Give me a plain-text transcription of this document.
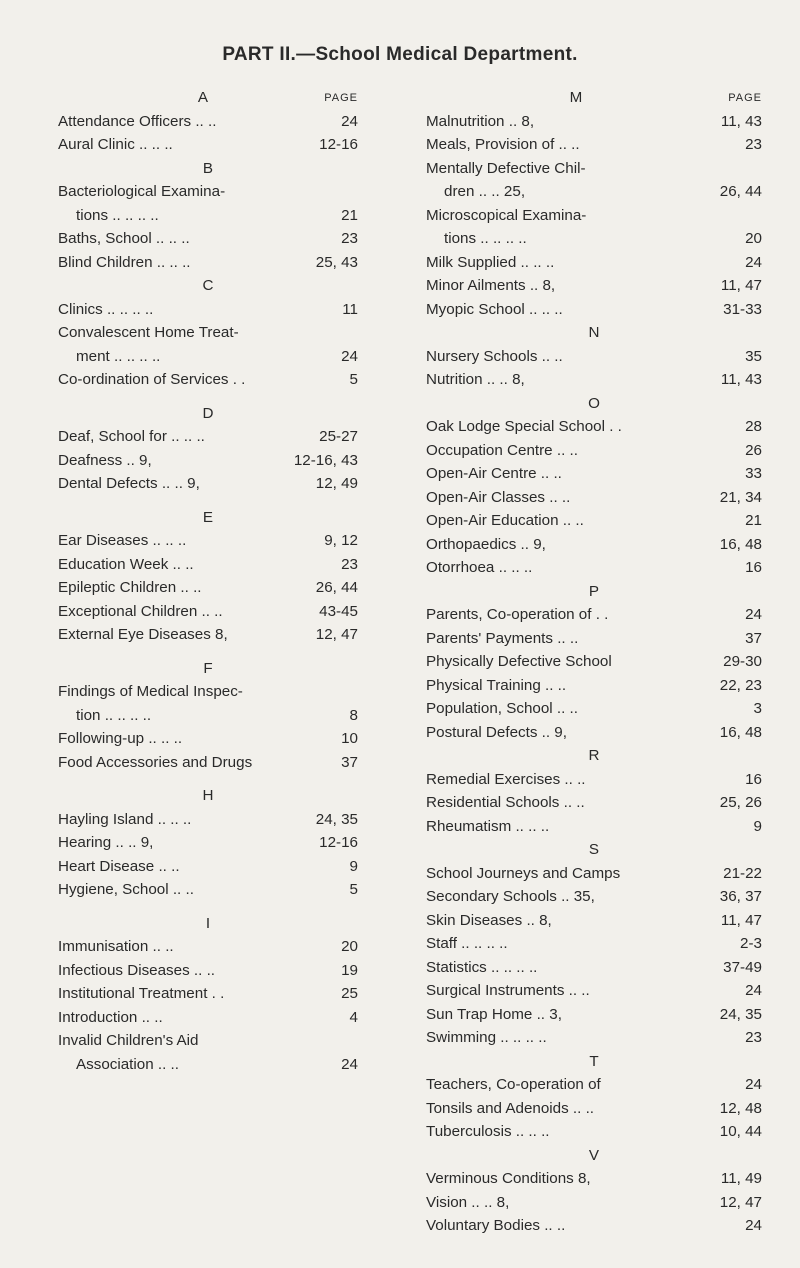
PART II.—School Medical Department.
A	PAGE
Attendance Officers .. ..	24
Aural Clinic .. .. ..	12-16
B
Bacteriological Examina-
tions .. .. .. ..	21
Baths, School .. .. ..	23
Blind Children .. .. ..	25, 43
C
Clinics .. .. .. ..	11
Convalescent Home Treat-
ment .. .. .. ..	24
Co-ordination of Services . .	5
D
Deaf, School for .. .. ..	25-27
Deafness .. 9,	12-16, 43
Dental Defects .. .. 9,	12, 49
E
Ear Diseases .. .. ..	9, 12
Education Week .. ..	23
Epileptic Children .. ..	26, 44
Exceptional Children .. ..	43-45
External Eye Diseases 8,	12, 47
F
Findings of Medical Inspec-
tion .. .. .. ..	8
Following-up .. .. ..	10
Food Accessories and Drugs	37
H
Hayling Island .. .. ..	24, 35
Hearing .. .. 9,	12-16
Heart Disease .. ..	9
Hygiene, School .. ..	5
I
Immunisation .. ..	20
Infectious Diseases .. ..	19
Institutional Treatment . .	25
Introduction .. ..	4
Invalid Children's Aid
Association .. ..	24
M	PAGE
Malnutrition .. 8,	11, 43
Meals, Provision of .. ..	23
Mentally Defective Chil-
dren .. .. 25,	26, 44
Microscopical Examina-
tions .. .. .. ..	20
Milk Supplied .. .. ..	24
Minor Ailments .. 8,	11, 47
Myopic School .. .. ..	31-33
N
Nursery Schools .. ..	35
Nutrition .. .. 8,	11, 43
O
Oak Lodge Special School . .	28
Occupation Centre .. ..	26
Open-Air Centre .. ..	33
Open-Air Classes .. ..	21, 34
Open-Air Education .. ..	21
Orthopaedics .. 9,	16, 48
Otorrhoea .. .. ..	16
P
Parents, Co-operation of . .	24
Parents' Payments .. ..	37
Physically Defective School	29-30
Physical Training .. ..	22, 23
Population, School .. ..	3
Postural Defects .. 9,	16, 48
R
Remedial Exercises .. ..	16
Residential Schools .. ..	25, 26
Rheumatism .. .. ..	9
S
School Journeys and Camps	21-22
Secondary Schools .. 35,	36, 37
Skin Diseases .. 8,	11, 47
Staff .. .. .. ..	2-3
Statistics .. .. .. ..	37-49
Surgical Instruments .. ..	24
Sun Trap Home .. 3,	24, 35
Swimming .. .. .. ..	23
T
Teachers, Co-operation of	24
Tonsils and Adenoids .. ..	12, 48
Tuberculosis .. .. ..	10, 44
V
Verminous Conditions 8,	11, 49
Vision .. .. 8,	12, 47
Voluntary Bodies .. ..	24
